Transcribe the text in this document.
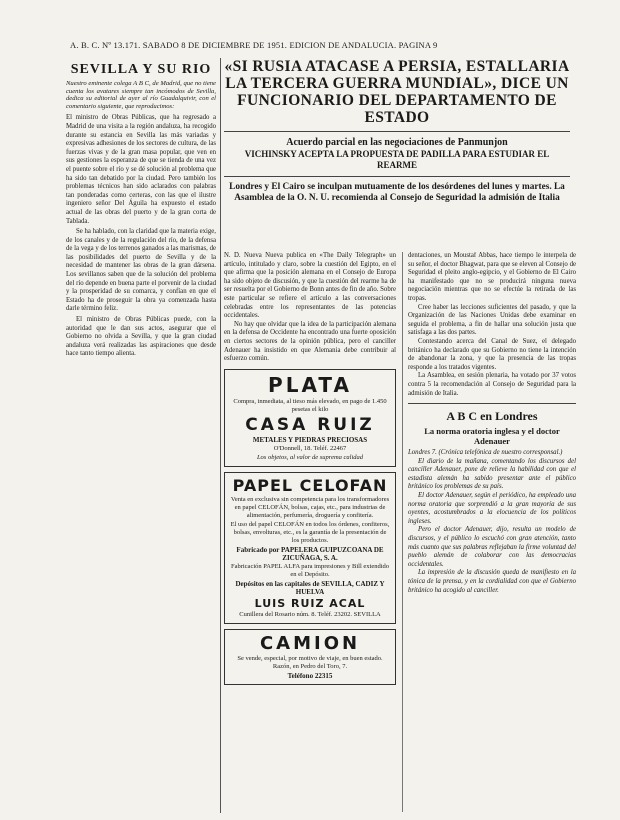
A. B. C. Nº 13.171. SABADO 8 DE DICIEMBRE DE 1951. EDICION DE ANDALUCIA. PAGINA 9
SEVILLA Y SU RIO

Nuestro eminente colega A B C, de Madrid, que no tiene cuenta los avatares siempre tan incómodos de Sevilla, dedica su editorial de ayer al río Guadalquivir, con el comentario siguiente, que reproducimos:

El ministro de Obras Públicas, que ha regresado a Madrid de una visita a la región andaluza, ha recogido durante su estancia en Sevilla las más variadas y expresivas adhesiones de los sectores de cultura, de las fuerzas vivas y de la gran masa popular, que ven en sus gestiones la esperanza de que se tienda de una vez el puente sobre el río y se dé solución al problema que ha sido tan debatido por la ciudad. Pero también los problemas técnicos han sido aclarados con palabras tan ponderadas como certeras, con las que el ilustre ingeniero señor Del Águila ha expuesto el estado actual de las obras del puerto y de la gran corta de Tablada.

Se ha hablado, con la claridad que la materia exige, de los canales y de la regulación del río, de la defensa de la vega y de los terrenos ganados a las marismas, de las posibilidades del puerto de Sevilla y de la necesidad de mantener las obras de la gran dársena. Los sevillanos saben que de la solución del problema del río depende en buena parte el porvenir de la ciudad y la prosperidad de su comarca, y confían en que el Estado ha de proseguir la obra ya comenzada hasta darle término feliz.

El ministro de Obras Públicas puede, con la autoridad que le dan sus actos, asegurar que el Gobierno no olvida a Sevilla, y que la gran ciudad andaluza verá realizadas las aspiraciones que desde hace tanto tiempo alienta.

«SI RUSIA ATACASE A PERSIA, ESTALLARIA LA TERCERA GUERRA MUNDIAL», DICE UN FUNCIONARIO DEL DEPARTAMENTO DE ESTADO

Acuerdo parcial en las negociaciones de Panmunjon

VICHINSKY ACEPTA LA PROPUESTA DE PADILLA PARA ESTUDIAR EL REARME

Londres y El Cairo se inculpan mutuamente de los desórdenes del lunes y martes. La Asamblea de la O. N. U. recomienda al Consejo de Seguridad la admisión de Italia

N. D. Nueva Nueva publica en «The Daily Telegraph» un artículo, intitulado y claro, sobre la cuestión del Egipto, en el que afirma que la posición alemana en el Consejo de Europa ha sido objeto de discusión, y que la cuestión del rearme ha de ser resuelta por el Gobierno de Bonn antes de fin de año. Sobre este particular se refiere el artículo a las conversaciones celebradas entre los representantes de las potencias occidentales.

No hay que olvidar que la idea de la participación alemana en la defensa de Occidente ha encontrado una fuerte oposición en ciertos sectores de la opinión pública, pero el canciller Adenauer ha insistido en que Alemania debe contribuir al esfuerzo común.

PLATA
Compra, inmediata, al tieso más elevado, en pago de 1.450 pesetas el kilo
CASA RUIZ
METALES Y PIEDRAS PRECIOSAS
O'Donnell, 18. Teléf. 22467
Los objetos, al valor de suprema calidad
PAPEL CELOFAN
Venta en exclusiva sin competencia para los transformadores en papel CELOFÁN, bolsas, cajas, etc., para industrias de alimentación, perfumería, droguería y confitería.
El uso del papel CELOFÁN en todos los órdenes, confiteros, bolsas, envolturas, etc., es la garantía de la presentación de los productos.
Fabricado por PAPELERA GUIPUZCOANA DE ZICUÑAGA, S. A.
Fabricación PAPEL ALFA para impresiones y Bill extendido en el Depósito.
Depósitos en las capitales de SEVILLA, CADIZ Y HUELVA
LUIS RUIZ ACAL
Cunillera del Rosario núm. 8. Teléf. 23202. SEVILLA
CAMION
Se vende, especial, por motivo de viaje, en buen estado. Razón, en Pedro del Toro, 7.
Teléfono 22315

dentaciones, un Moustaf Abbas, hace tiempo le interpela de su señor, el doctor Bhagwat, para que se eleven al Consejo de Seguridad el pleito anglo-egipcio, y el Gobierno de El Cairo ha manifestado que no se producirá ninguna nueva negociación mientras que no se efectúe la retirada de las tropas.

Cree haber las lecciones suficientes del pasado, y que la Organización de las Naciones Unidas debe examinar en seguida el problema, a fin de hallar una solución justa que satisfaga a las dos partes.

Contestando acerca del Canal de Suez, el delegado británico ha declarado que su Gobierno no tiene la intención de abandonar la zona, y que la presencia de las tropas responde a los tratados vigentes.

La Asamblea, en sesión plenaria, ha votado por 37 votos contra 5 la recomendación al Consejo de Seguridad para la admisión de Italia.

A B C en Londres
La norma oratoria inglesa y el doctor Adenauer

Londres 7. (Crónica telefónica de nuestro corresponsal.)

El diario de la mañana, comentando los discursos del canciller Adenauer, pone de relieve la habilidad con que el estadista alemán ha sabido presentar ante el público británico los problemas de su país.

El doctor Adenauer, según el periódico, ha empleado una norma oratoria que sorprendió a la gran mayoría de sus oyentes, acostumbrados a la elocuencia de los políticos ingleses.

Pero el doctor Adenauer, dijo, resulta un modelo de discursos, y el público lo escuchó con gran atención, tanto más cuanto que sus palabras reflejaban la firme voluntad del pueblo alemán de colaborar con las democracias occidentales.

La impresión de la discusión queda de manifiesto en la tónica de la prensa, y en la cordialidad con que el Gobierno británico ha acogido al canciller.
